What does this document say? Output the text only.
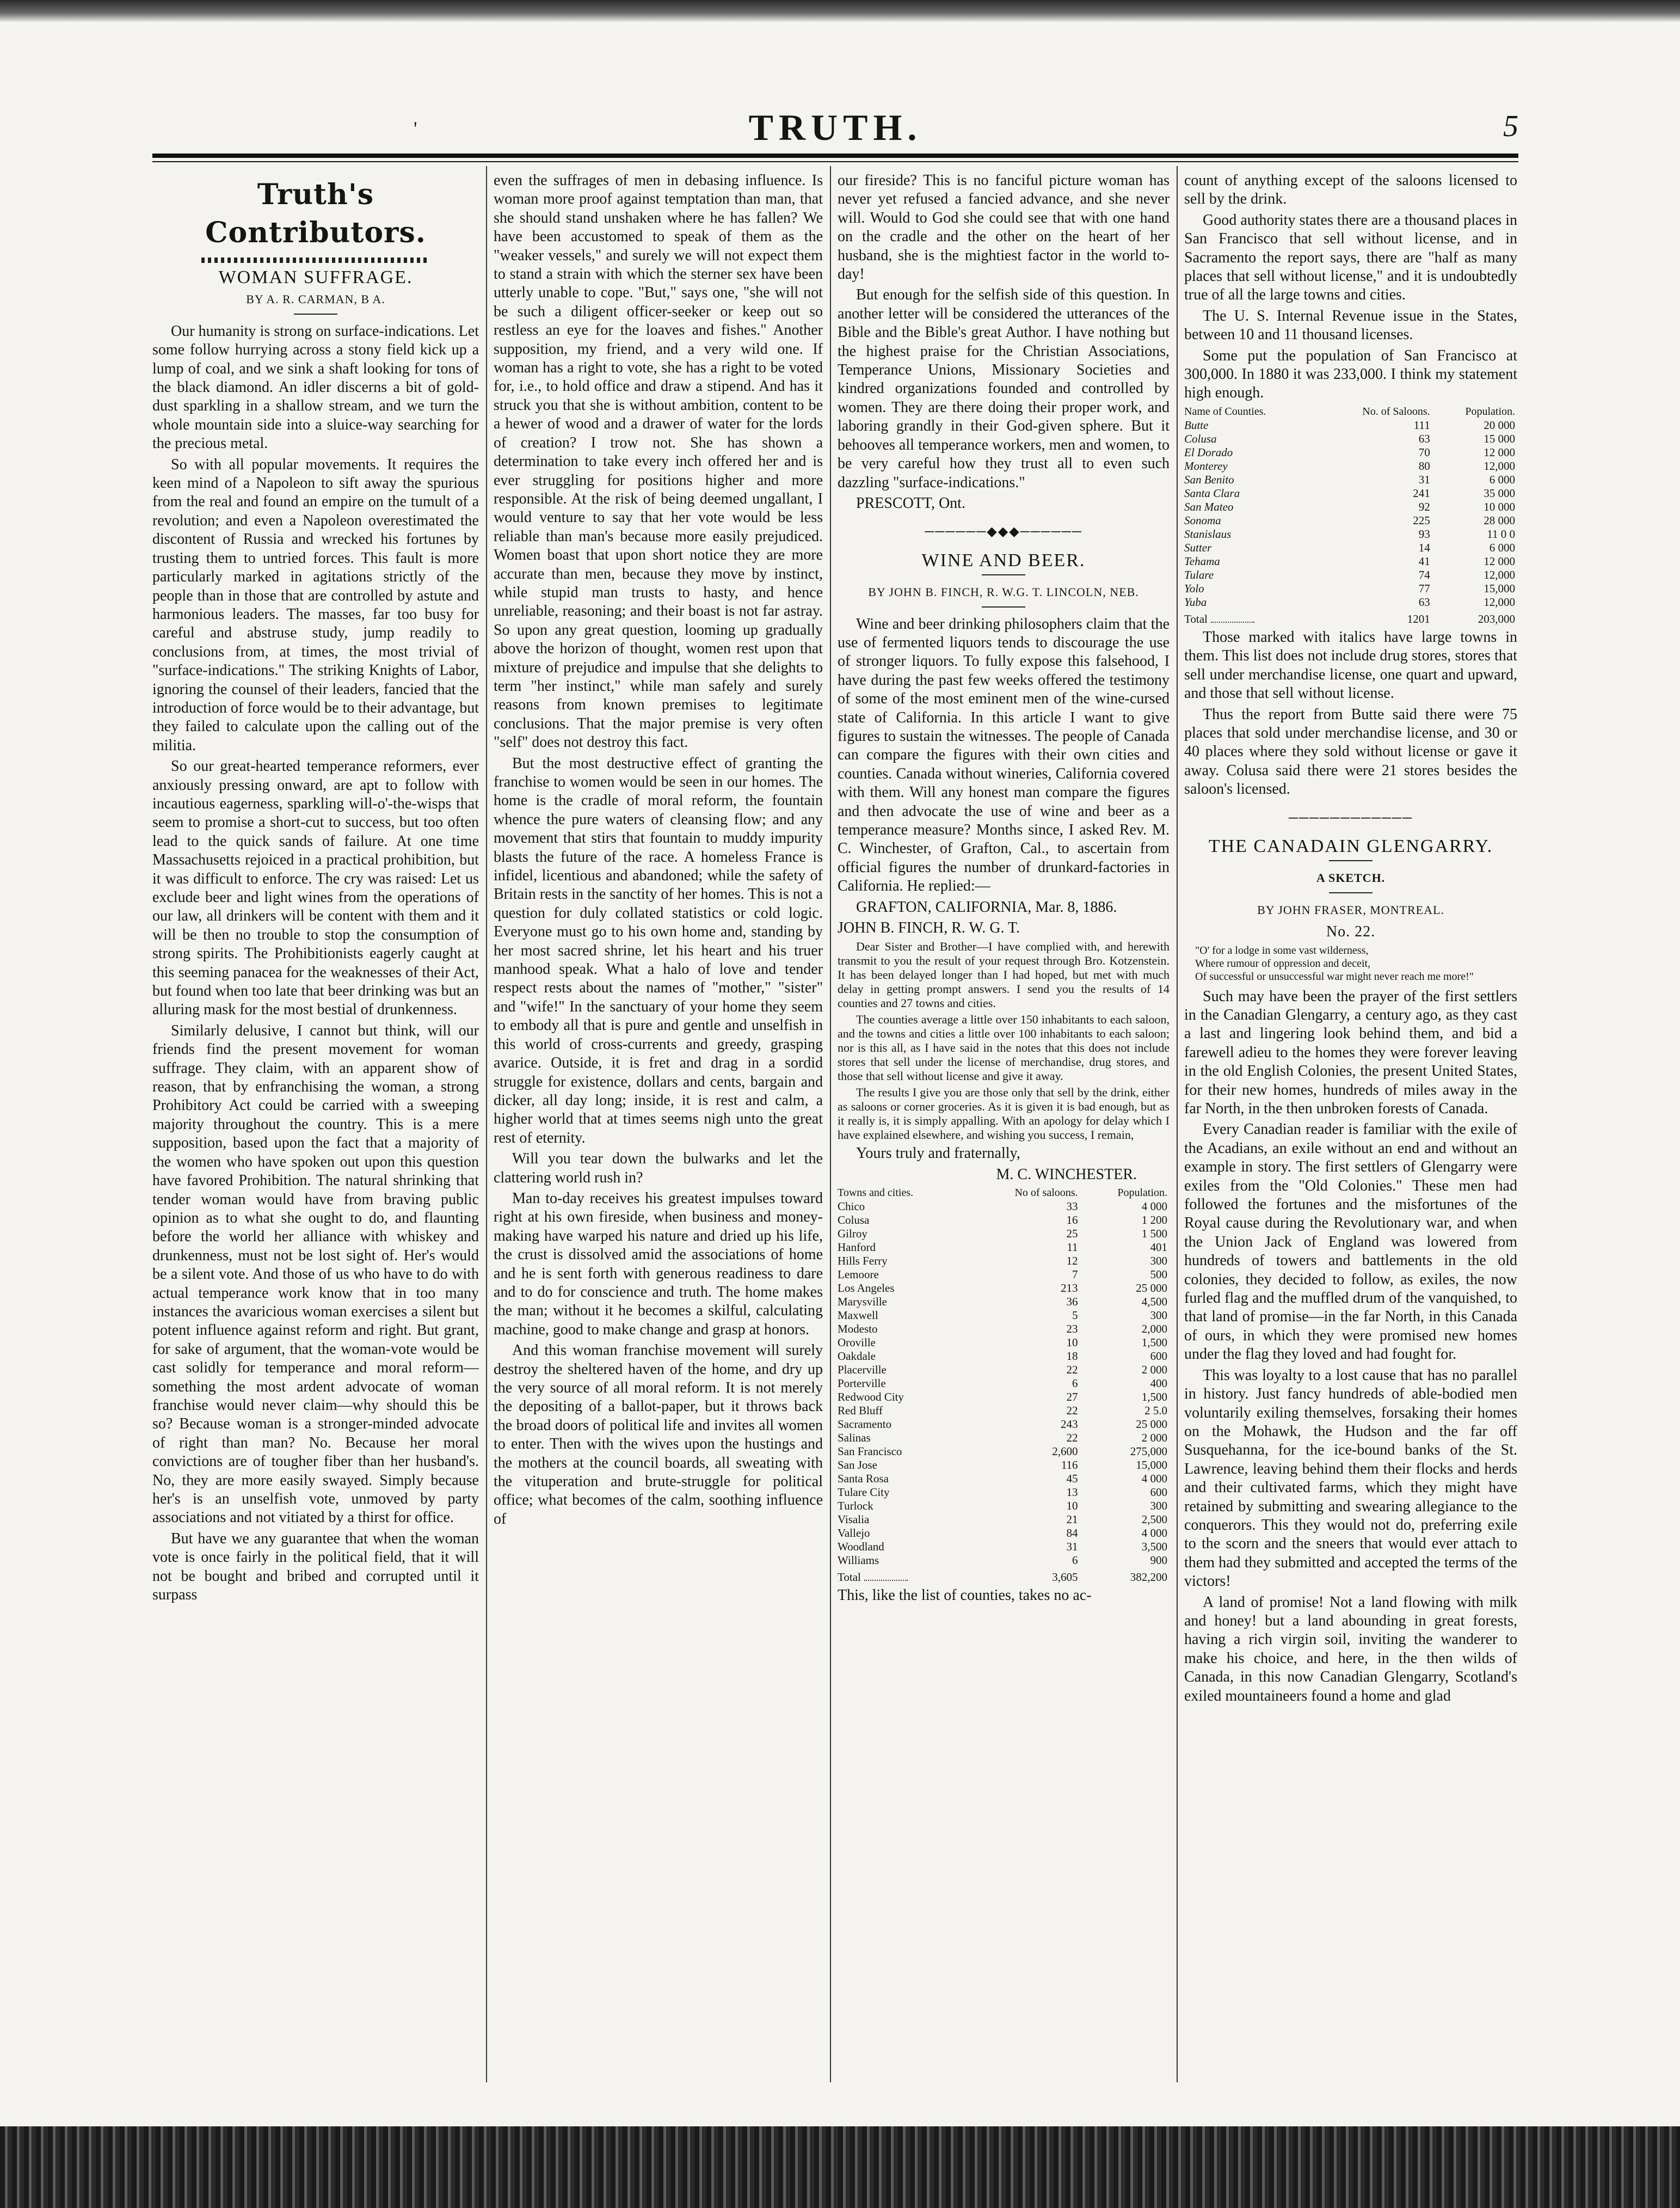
'	TRUTH.	5
Truth's Contributors.
WOMAN SUFFRAGE.
BY A. R. CARMAN, B A.

Our humanity is strong on surface-indications. Let some follow hurrying across a stony field kick up a lump of coal, and we sink a shaft looking for tons of the black diamond. An idler discerns a bit of gold-dust sparkling in a shallow stream, and we turn the whole mountain side into a sluice-way searching for the precious metal.

So with all popular movements. It requires the keen mind of a Napoleon to sift away the spurious from the real and found an empire on the tumult of a revolution; and even a Napoleon overestimated the discontent of Russia and wrecked his fortunes by trusting them to untried forces. This fault is more particularly marked in agitations strictly of the people than in those that are controlled by astute and harmonious leaders. The masses, far too busy for careful and abstruse study, jump readily to conclusions from, at times, the most trivial of "surface-indications." The striking Knights of Labor, ignoring the counsel of their leaders, fancied that the introduction of force would be to their advantage, but they failed to calculate upon the calling out of the militia.

So our great-hearted temperance reformers, ever anxiously pressing onward, are apt to follow with incautious eagerness, sparkling will-o'-the-wisps that seem to promise a short-cut to success, but too often lead to the quick sands of failure. At one time Massachusetts rejoiced in a practical prohibition, but it was difficult to enforce. The cry was raised: Let us exclude beer and light wines from the operations of our law, all drinkers will be content with them and it will be then no trouble to stop the consumption of strong spirits. The Prohibitionists eagerly caught at this seeming panacea for the weaknesses of their Act, but found when too late that beer drinking was but an alluring mask for the most bestial of drunkenness.

Similarly delusive, I cannot but think, will our friends find the present movement for woman suffrage. They claim, with an apparent show of reason, that by enfranchising the woman, a strong Prohibitory Act could be carried with a sweeping majority throughout the country. This is a mere supposition, based upon the fact that a majority of the women who have spoken out upon this question have favored Prohibition. The natural shrinking that tender woman would have from braving public opinion as to what she ought to do, and flaunting before the world her alliance with whiskey and drunkenness, must not be lost sight of. Her's would be a silent vote. And those of us who have to do with actual temperance work know that in too many instances the avaricious woman exercises a silent but potent influence against reform and right. But grant, for sake of argument, that the woman-vote would be cast solidly for temperance and moral reform—something the most ardent advocate of woman franchise would never claim—why should this be so? Because woman is a stronger-minded advocate of right than man? No. Because her moral convictions are of tougher fiber than her husband's. No, they are more easily swayed. Simply because her's is an unselfish vote, unmoved by party associations and not vitiated by a thirst for office.

But have we any guarantee that when the woman vote is once fairly in the political field, that it will not be bought and bribed and corrupted until it surpass

even the suffrages of men in debasing influence. Is woman more proof against temptation than man, that she should stand unshaken where he has fallen? We have been accustomed to speak of them as the "weaker vessels," and surely we will not expect them to stand a strain with which the sterner sex have been utterly unable to cope. "But," says one, "she will not be such a diligent officer-seeker or keep out so restless an eye for the loaves and fishes." Another supposition, my friend, and a very wild one. If woman has a right to vote, she has a right to be voted for, i.e., to hold office and draw a stipend. And has it struck you that she is without ambition, content to be a hewer of wood and a drawer of water for the lords of creation? I trow not. She has shown a determination to take every inch offered her and is ever struggling for positions higher and more responsible. At the risk of being deemed ungallant, I would venture to say that her vote would be less reliable than man's because more easily prejudiced. Women boast that upon short notice they are more accurate than men, because they move by instinct, while stupid man trusts to hasty, and hence unreliable, reasoning; and their boast is not far astray. So upon any great question, looming up gradually above the horizon of thought, women rest upon that mixture of prejudice and impulse that she delights to term "her instinct," while man safely and surely reasons from known premises to legitimate conclusions. That the major premise is very often "self" does not destroy this fact.

But the most destructive effect of granting the franchise to women would be seen in our homes. The home is the cradle of moral reform, the fountain whence the pure waters of cleansing flow; and any movement that stirs that fountain to muddy impurity blasts the future of the race. A homeless France is infidel, licentious and abandoned; while the safety of Britain rests in the sanctity of her homes. This is not a question for duly collated statistics or cold logic. Everyone must go to his own home and, standing by her most sacred shrine, let his heart and his truer manhood speak. What a halo of love and tender respect rests about the names of "mother," "sister" and "wife!" In the sanctuary of your home they seem to embody all that is pure and gentle and unselfish in this world of cross-currents and greedy, grasping avarice. Outside, it is fret and drag in a sordid struggle for existence, dollars and cents, bargain and dicker, all day long; inside, it is rest and calm, a higher world that at times seems nigh unto the great rest of eternity.

Will you tear down the bulwarks and let the clattering world rush in?

Man to-day receives his greatest impulses toward right at his own fireside, when business and money-making have warped his nature and dried up his life, the crust is dissolved amid the associations of home and he is sent forth with generous readiness to dare and to do for conscience and truth. The home makes the man; without it he becomes a skilful, calculating machine, good to make change and grasp at honors.

And this woman franchise movement will surely destroy the sheltered haven of the home, and dry up the very source of all moral reform. It is not merely the depositing of a ballot-paper, but it throws back the broad doors of political life and invites all women to enter. Then with the wives upon the hustings and the mothers at the council boards, all sweating with the vituperation and brute-struggle for political office; what becomes of the calm, soothing influence of

our fireside? This is no fanciful picture woman has never yet refused a fancied advance, and she never will. Would to God she could see that with one hand on the cradle and the other on the heart of her husband, she is the mightiest factor in the world to-day!

But enough for the selfish side of this question. In another letter will be considered the utterances of the Bible and the Bible's great Author. I have nothing but the highest praise for the Christian Associations, Temperance Unions, Missionary Societies and kindred organizations founded and controlled by women. They are there doing their proper work, and laboring grandly in their God-given sphere. But it behooves all temperance workers, men and women, to be very careful how they trust all to even such dazzling "surface-indications."

PRESCOTT, Ont.

──────◆◆◆──────
WINE AND BEER.
BY JOHN B. FINCH, R. W.G. T. LINCOLN, NEB.

Wine and beer drinking philosophers claim that the use of fermented liquors tends to discourage the use of stronger liquors. To fully expose this falsehood, I have during the past few weeks offered the testimony of some of the most eminent men of the wine-cursed state of California. In this article I want to give figures to sustain the witnesses. The people of Canada can compare the figures with their own cities and counties. Canada without wineries, California covered with them. Will any honest man compare the figures and then advocate the use of wine and beer as a temperance measure? Months since, I asked Rev. M. C. Winchester, of Grafton, Cal., to ascertain from official figures the number of drunkard-factories in California. He replied:—

GRAFTON, CALIFORNIA, Mar. 8, 1886.

JOHN B. FINCH, R. W. G. T.

Dear Sister and Brother—I have complied with, and herewith transmit to you the result of your request through Bro. Kotzenstein. It has been delayed longer than I had hoped, but met with much delay in getting prompt answers. I send you the results of 14 counties and 27 towns and cities.

The counties average a little over 150 inhabitants to each saloon, and the towns and cities a little over 100 inhabitants to each saloon; nor is this all, as I have said in the notes that this does not include stores that sell under the license of merchandise, drug stores, and those that sell without license and give it away.

The results I give you are those only that sell by the drink, either as saloons or corner groceries. As it is given it is bad enough, but as it really is, it is simply appalling. With an apology for delay which I have explained elsewhere, and wishing you success, I remain,

Yours truly and fraternally,

M. C. WINCHESTER.
Towns and cities.	No of saloons.	Population.
Chico	33	4 000
Colusa	16	1 200
Gilroy	25	1 500
Hanford	11	401
Hills Ferry	12	300
Lemoore	7	500
Los Angeles	213	25 000
Marysville	36	4,500
Maxwell	5	300
Modesto	23	2,000
Oroville	10	1,500
Oakdale	18	600
Placerville	22	2 000
Porterville	6	400
Redwood City	27	1,500
Red Bluff	22	2 5.0
Sacramento	243	25 000
Salinas	22	2 000
San Francisco	2,600	275,000
San Jose	116	15,000
Santa Rosa	45	4 000
Tulare City	13	600
Turlock	10	300
Visalia	21	2,500
Vallejo	84	4 000
Woodland	31	3,500
Williams	6	900
Total	3,605	382,200

This, like the list of counties, takes no ac-

count of anything except of the saloons licensed to sell by the drink.

Good authority states there are a thousand places in San Francisco that sell without license, and in Sacramento the report says, there are "half as many places that sell without license," and it is undoubtedly true of all the large towns and cities.

The U. S. Internal Revenue issue in the States, between 10 and 11 thousand licenses.

Some put the population of San Francisco at 300,000. In 1880 it was 233,000. I think my statement high enough.

Name of Counties.	No. of Saloons.	Population.
Butte	111	20 000
Colusa	63	15 000
El Dorado	70	12 000
Monterey	80	12,000
San Benito	31	6 000
Santa Clara	241	35 000
San Mateo	92	10 000
Sonoma	225	28 000
Stanislaus	93	11 0 0
Sutter	14	6 000
Tehama	41	12 000
Tulare	74	12,000
Yolo	77	15,000
Yuba	63	12,000
Total	1201	203,000

Those marked with italics have large towns in them. This list does not include drug stores, stores that sell under merchandise license, one quart and upward, and those that sell without license.

Thus the report from Butte said there were 75 places that sold under merchandise license, and 30 or 40 places where they sold without license or gave it away. Colusa said there were 21 stores besides the saloon's licensed.

────────────
THE CANADAIN GLENGARRY.
A SKETCH.
BY JOHN FRASER, MONTREAL.
No. 22.
"O' for a lodge in some vast wilderness,
Where rumour of oppression and deceit,
Of successful or unsuccessful war might never reach me more!"

Such may have been the prayer of the first settlers in the Canadian Glengarry, a century ago, as they cast a last and lingering look behind them, and bid a farewell adieu to the homes they were forever leaving in the old English Colonies, the present United States, for their new homes, hundreds of miles away in the far North, in the then unbroken forests of Canada.

Every Canadian reader is familiar with the exile of the Acadians, an exile without an end and without an example in story. The first settlers of Glengarry were exiles from the "Old Colonies." These men had followed the fortunes and the misfortunes of the Royal cause during the Revolutionary war, and when the Union Jack of England was lowered from hundreds of towers and battlements in the old colonies, they decided to follow, as exiles, the now furled flag and the muffled drum of the vanquished, to that land of promise—in the far North, in this Canada of ours, in which they were promised new homes under the flag they loved and had fought for.

This was loyalty to a lost cause that has no parallel in history. Just fancy hundreds of able-bodied men voluntarily exiling themselves, forsaking their homes on the Mohawk, the Hudson and the far off Susquehanna, for the ice-bound banks of the St. Lawrence, leaving behind them their flocks and herds and their cultivated farms, which they might have retained by submitting and swearing allegiance to the conquerors. This they would not do, preferring exile to the scorn and the sneers that would ever attach to them had they submitted and accepted the terms of the victors!

A land of promise! Not a land flowing with milk and honey! but a land abounding in great forests, having a rich virgin soil, inviting the wanderer to make his choice, and here, in the then wilds of Canada, in this now Canadian Glengarry, Scotland's exiled mountaineers found a home and glad
